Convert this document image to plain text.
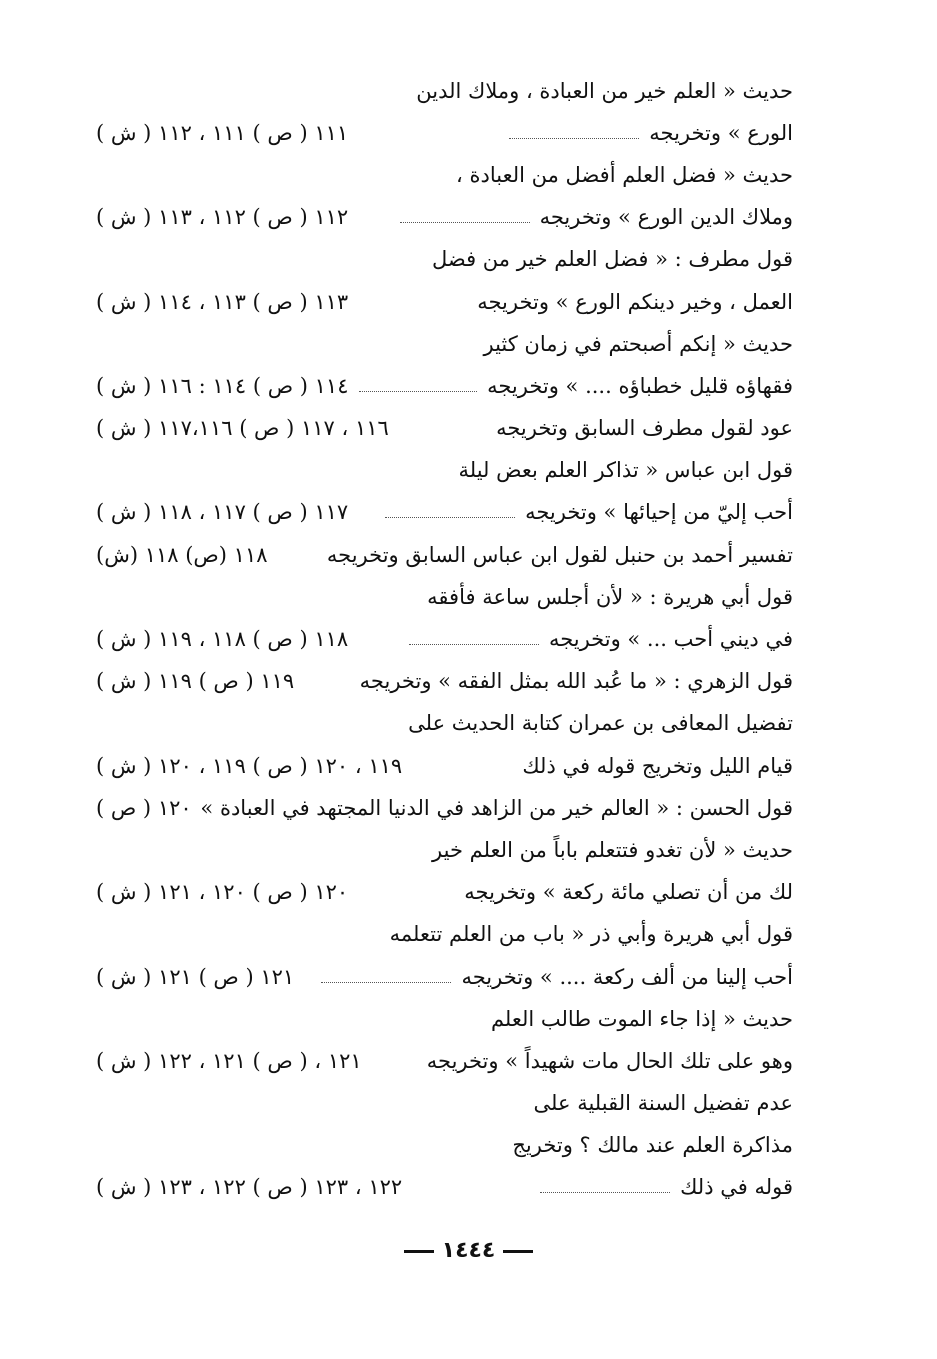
حديث « العلم خير من العبادة ، وملاك الدين
الورع » وتخريجه
١١١ ( ص ) ١١١ ، ١١٢ ( ش )
حديث « فضل العلم أفضل من العبادة ،
وملاك الدين الورع » وتخريجه
١١٢ ( ص ) ١١٢ ، ١١٣ ( ش )
قول مطرف : « فضل العلم خير من فضل
العمل ، وخير دينكم الورع » وتخريجه
١١٣ ( ص ) ١١٣ ، ١١٤ ( ش )
حديث « إنكم أصبحتم في زمان كثير
فقهاؤه قليل خطباؤه .... » وتخريجه
١١٤ ( ص ) ١١٤ : ١١٦ ( ش )
عود لقول مطرف السابق وتخريجه
١١٦ ، ١١٧ ( ص ) ١١٧،١١٦ ( ش )
قول ابن عباس « تذاكر العلم بعض ليلة
أحب إليّ من إحيائها » وتخريجه
١١٧ ( ص ) ١١٧ ، ١١٨ ( ش )
تفسير أحمد بن حنبل لقول ابن عباس السابق وتخريجه
١١٨ (ص) ١١٨ (ش)
قول أبي هريرة : « لأن أجلس ساعة فأفقه
في ديني أحب ... » وتخريجه
١١٨ ( ص ) ١١٨ ، ١١٩ ( ش )
قول الزهري : « ما عُبد الله بمثل الفقه » وتخريجه
١١٩ ( ص ) ١١٩ ( ش )
تفضيل المعافى بن عمران كتابة الحديث على
قيام الليل وتخريج قوله في ذلك
١١٩ ، ١٢٠ ( ص ) ١١٩ ، ١٢٠ ( ش )
قول الحسن : « العالم خير من الزاهد في الدنيا المجتهد في العبادة »
١٢٠ ( ص )
حديث « لأن تغدو فتتعلم باباً من العلم خير
لك من أن تصلي مائة ركعة » وتخريجه
١٢٠ ( ص ) ١٢٠ ، ١٢١ ( ش )
قول أبي هريرة وأبي ذر « باب من العلم تتعلمه
أحب إلينا من ألف ركعة .... » وتخريجه
١٢١ ( ص ) ١٢١ ( ش )
حديث « إذا جاء الموت طالب العلم
وهو على تلك الحال مات شهيداً » وتخريجه
١٢١ ، ( ص ) ١٢١ ، ١٢٢ ( ش )
عدم تفضيل السنة القبلية على
مذاكرة العلم عند مالك ؟ وتخريج
قوله في ذلك
١٢٢ ، ١٢٣ ( ص ) ١٢٢ ، ١٢٣ ( ش )
١٤٤٤
